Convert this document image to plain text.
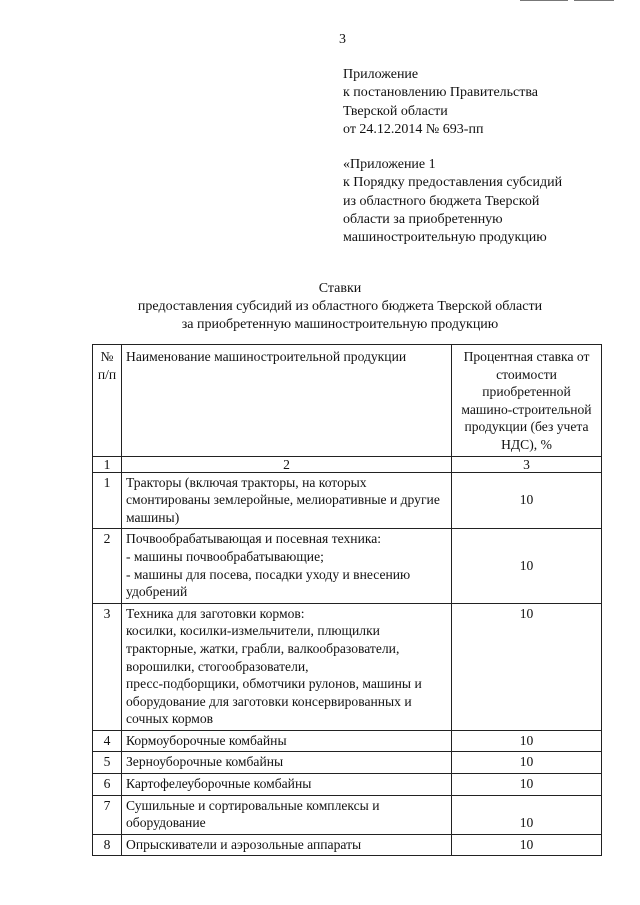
3
Приложение
к постановлению Правительства
Тверской области
от 24.12.2014 № 693-пп
«Приложение 1
к Порядку предоставления субсидий
из областного бюджета Тверской
области за приобретенную
машиностроительную продукцию
Ставки
предоставления субсидий из областного бюджета Тверской области
за приобретенную машиностроительную продукцию
№ п/п	Наименование машиностроительной продукции	Процентная ставка от стоимости приобретенной машино-строительной продукции (без учета НДС), %
1	2	3
1	Тракторы (включая тракторы, на которых смонтированы землеройные, мелиоративные и другие машины)	10
2	Почвообрабатывающая и посевная техника:
- машины почвообрабатывающие;
- машины для посева, посадки уходу и внесению удобрений	10
3	Техника для заготовки кормов:
косилки, косилки-измельчители, плющилки тракторные, жатки, грабли, валкообразователи, ворошилки, стогообразователи,
пресс-подборщики, обмотчики рулонов, машины и оборудование для заготовки консервированных и сочных кормов	10
4	Кормоуборочные комбайны	10
5	Зерноуборочные комбайны	10
6	Картофелеуборочные комбайны	10
7	Сушильные и сортировальные комплексы и оборудование	10
8	Опрыскиватели и аэрозольные аппараты	10
